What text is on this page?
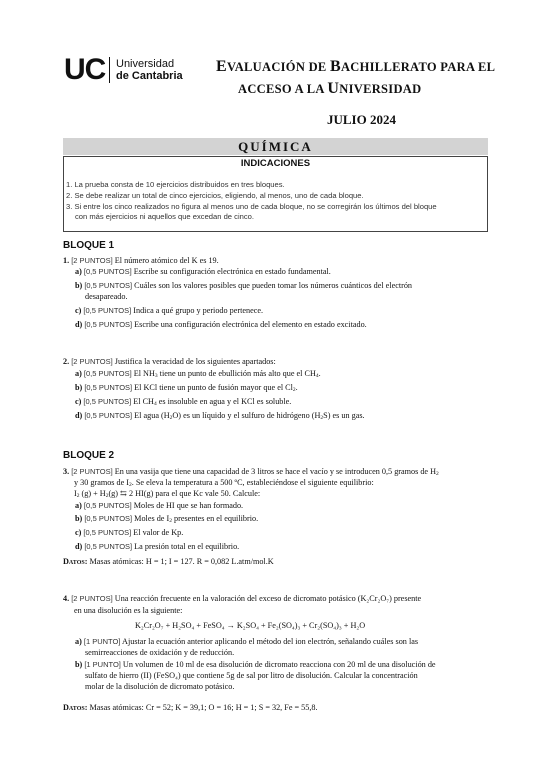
UC Universidad
de Cantabria
EVALUACIÓN DE BACHILLERATO PARA EL
ACCESO A LA UNIVERSIDAD
JULIO 2024
QUÍMICA
INDICACIONES
1. La prueba consta de 10 ejercicios distribuidos en tres bloques.
2. Se debe realizar un total de cinco ejercicios, eligiendo, al menos, uno de cada bloque.
3. Si entre los cinco realizados no figura al menos uno de cada bloque, no se corregirán los últimos del bloque
con más ejercicios ni aquellos que excedan de cinco.
BLOQUE 1
1. [2 PUNTOS] El número atómico del K es 19.
a) [0,5 PUNTOS] Escribe su configuración electrónica en estado fundamental.
b) [0,5 PUNTOS] Cuáles son los valores posibles que pueden tomar los números cuánticos del electrón
desapareado.
c) [0,5 PUNTOS] Indica a qué grupo y periodo pertenece.
d) [0,5 PUNTOS] Escribe una configuración electrónica del elemento en estado excitado.
2. [2 PUNTOS] Justifica la veracidad de los siguientes apartados:
a) [0,5 PUNTOS] El $NH_3$ tiene un punto de ebullición más alto que el $CH_4$.
b) [0,5 PUNTOS] El KCl tiene un punto de fusión mayor que el $Cl_2$.
c) [0,5 PUNTOS] El $CH_4$ es insoluble en agua y el KCl es soluble.
d) [0,5 PUNTOS] El agua $(H_2O)$ es un líquido y el sulfuro de hidrógeno $(H_2S)$ es un gas.
BLOQUE 2
3. [2 PUNTOS] En una vasija que tiene una capacidad de 3 litros se hace el vacío y se introducen 0,5 gramos de $H_2$
y 30 gramos de $I_2$. Se eleva la temperatura a 500 ºC, estableciéndose el siguiente equilibrio:
$I_2$ $(g) + H_2(g)$ ⇆ 2 HI(g) para el que Kc vale 50. Calcule:
a) [0,5 PUNTOS] Moles de HI que se han formado.
b) [0,5 PUNTOS] Moles de $I_2$ presentes en el equilibrio.
c) [0,5 PUNTOS] El valor de Kp.
d) [0,5 PUNTOS] La presión total en el equilibrio.
Datos: Masas atómicas: H = 1; I = 127. R = 0,082 L.atm/mol.K
4. [2 PUNTOS] Una reacción frecuente en la valoración del exceso de dicromato potásico (K₂Cr₂O₇) presente
en una disolución es la siguiente:
K₂Cr₂O₇ + H₂SO₄ + FeSO₄ → K₂SO₄ + Fe₂(SO₄)₃ + Cr₂(SO₄)₃ + H₂O
a) [1 PUNTO] Ajustar la ecuación anterior aplicando el método del ion electrón, señalando cuáles son las
semirreacciones de oxidación y de reducción.
b) [1 PUNTO] Un volumen de 10 ml de esa disolución de dicromato reacciona con 20 ml de una disolución de
sulfato de hierro (II) (FeSO₄) que contiene 5g de sal por litro de disolución. Calcular la concentración
molar de la disolución de dicromato potásico.
Datos: Masas atómicas: Cr = 52; K = 39,1; O = 16; H = 1; S = 32, Fe = 55,8.
